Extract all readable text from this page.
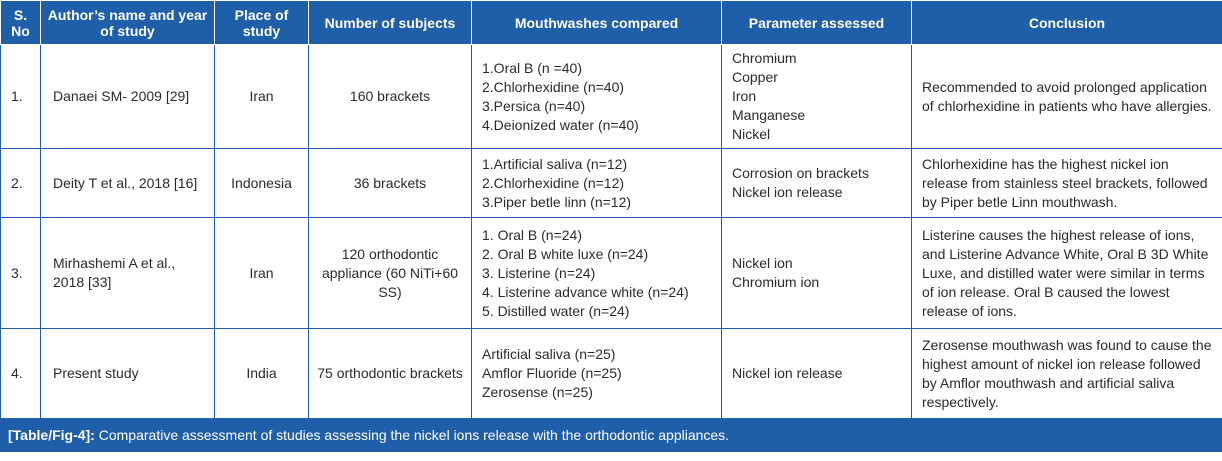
S. No	Author’s name and year of study	Place of study	Number of subjects	Mouthwashes compared	Parameter assessed	Conclusion
1.	Danaei SM- 2009 [29]	Iran	160 brackets	1.Oral B (n =40)
2.Chlorhexidine (n=40)
3.Persica (n=40)
4.Deionized water (n=40)	Chromium
Copper
Iron
Manganese
Nickel	Recommended to avoid prolonged application of chlorhexidine in patients who have allergies.
2.	Deity T et al., 2018 [16]	Indonesia	36 brackets	1.Artificial saliva (n=12)
2.Chlorhexidine (n=12)
3.Piper betle linn (n=12)	Corrosion on brackets
Nickel ion release	Chlorhexidine has the highest nickel ion release from stainless steel brackets, followed by Piper betle Linn mouthwash.
3.	Mirhashemi A et al., 2018 [33]	Iran	120 orthodontic appliance (60 NiTi+60 SS)	1. Oral B (n=24)
2. Oral B white luxe (n=24)
3. Listerine (n=24)
4. Listerine advance white (n=24)
5. Distilled water (n=24)	Nickel ion
Chromium ion	Listerine causes the highest release of ions, and Listerine Advance White, Oral B 3D White Luxe, and distilled water were similar in terms of ion release. Oral B caused the lowest release of ions.
4.	Present study	India	75 orthodontic brackets	Artificial saliva (n=25)
Amflor Fluoride (n=25)
Zerosense (n=25)	Nickel ion release	Zerosense mouthwash was found to cause the highest amount of nickel ion release followed by Amflor mouthwash and artificial saliva respectively.
[Table/Fig-4]: Comparative assessment of studies assessing the nickel ions release with the orthodontic appliances.
